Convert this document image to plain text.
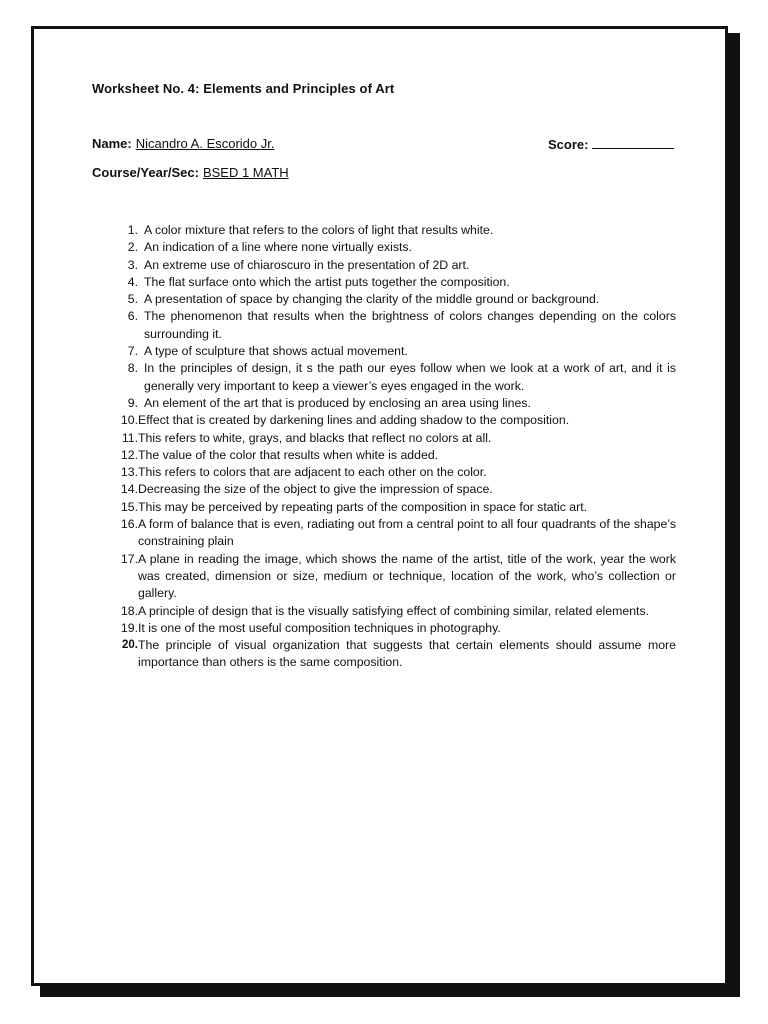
Worksheet No. 4: Elements and Principles of Art
Name: Nicandro A. Escorido Jr.	Score:
Course/Year/Sec: BSED 1 MATH
1. A color mixture that refers to the colors of light that results white.
2. An indication of a line where none virtually exists.
3. An extreme use of chiaroscuro in the presentation of 2D art.
4. The flat surface onto which the artist puts together the composition.
5. A presentation of space by changing the clarity of the middle ground or background.
6. The phenomenon that results when the brightness of colors changes depending on the colors surrounding it.
7. A type of sculpture that shows actual movement.
8. In the principles of design, it s the path our eyes follow when we look at a work of art, and it is generally very important to keep a viewer’s eyes engaged in the work.
9. An element of the art that is produced by enclosing an area using lines.
10. Effect that is created by darkening lines and adding shadow to the composition.
11. This refers to white, grays, and blacks that reflect no colors at all.
12. The value of the color that results when white is added.
13. This refers to colors that are adjacent to each other on the color.
14. Decreasing the size of the object to give the impression of space.
15. This may be perceived by repeating parts of the composition in space for static art.
16. A form of balance that is even, radiating out from a central point to all four quadrants of the shape’s constraining plain
17. A plane in reading the image, which shows the name of the artist, title of the work, year the work was created, dimension or size, medium or technique, location of the work, who’s collection or gallery.
18. A principle of design that is the visually satisfying effect of combining similar, related elements.
19. It is one of the most useful composition techniques in photography.
20. The principle of visual organization that suggests that certain elements should assume more importance than others is the same composition.
